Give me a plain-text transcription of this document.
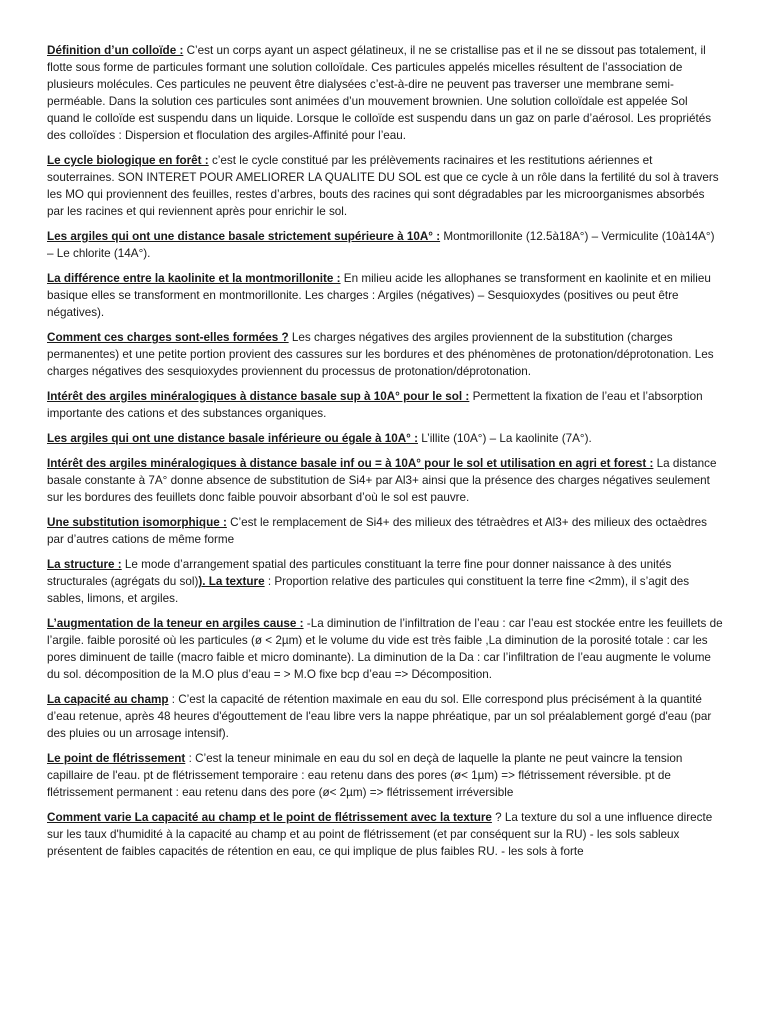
Définition d’un colloïde : C’est un corps ayant un aspect gélatineux, il ne se cristallise pas et il ne se dissout pas totalement, il flotte sous forme de particules formant une solution colloïdale. Ces particules appelés micelles résultent de l’association de plusieurs molécules. Ces particules ne peuvent être dialysées c’est-à-dire ne peuvent pas traverser une membrane semi-perméable. Dans la solution ces particules sont animées d’un mouvement brownien. Une solution colloïdale est appelée Sol quand le colloïde est suspendu dans un liquide. Lorsque le colloïde est suspendu dans un gaz on parle d’aérosol. Les propriétés des colloïdes : Dispersion et floculation des argiles-Affinité pour l’eau.

Le cycle biologique en forêt : c’est le cycle constitué par les prélèvements racinaires et les restitutions aériennes et souterraines. SON INTERET POUR AMELIORER LA QUALITE DU SOL est que ce cycle à un rôle dans la fertilité du sol à travers les MO qui proviennent des feuilles, restes d’arbres, bouts des racines qui sont dégradables par les microorganismes absorbés par les racines et qui reviennent après pour enrichir le sol.

Les argiles qui ont une distance basale strictement supérieure à 10A° : Montmorillonite (12.5à18A°) – Vermiculite (10à14A°) – Le chlorite (14A°).

La différence entre la kaolinite et la montmorillonite : En milieu acide les allophanes se transforment en kaolinite et en milieu basique elles se transforment en montmorillonite. Les charges : Argiles (négatives) – Sesquioxydes (positives ou peut être négatives).

Comment ces charges sont-elles formées ? Les charges négatives des argiles proviennent de la substitution (charges permanentes) et une petite portion provient des cassures sur les bordures et des phénomènes de protonation/déprotonation. Les charges négatives des sesquioxydes proviennent du processus de protonation/déprotonation.

Intérêt des argiles minéralogiques à distance basale sup à 10A° pour le sol : Permettent la fixation de l’eau et l’absorption importante des cations et des substances organiques.

Les argiles qui ont une distance basale inférieure ou égale à 10A° : L’illite (10A°) – La kaolinite (7A°).

Intérêt des argiles minéralogiques à distance basale inf ou = à 10A° pour le sol et utilisation en agri et forest : La distance basale constante à 7A° donne absence de substitution de Si4+ par Al3+ ainsi que la présence des charges négatives seulement sur les bordures des feuillets donc faible pouvoir absorbant d’où le sol est pauvre.

Une substitution isomorphique : C’est le remplacement de Si4+ des milieux des tétraèdres et Al3+ des milieux des octaèdres par d’autres cations de même forme

La structure : Le mode d’arrangement spatial des particules constituant la terre fine pour donner naissance à des unités structurales (agrégats du sol)). La texture : Proportion relative des particules qui constituent la terre fine <2mm), il s’agit des sables, limons, et argiles.

L’augmentation de la teneur en argiles cause : -La diminution de l’infiltration de l’eau : car l’eau est stockée entre les feuillets de l’argile. faible porosité où les particules (ø < 2µm) et le volume du vide est très faible ,La diminution de la porosité totale : car les pores diminuent de taille (macro faible et micro dominante). La diminution de la Da : car l’infiltration de l’eau augmente le volume du sol. décomposition de la M.O plus d’eau = > M.O fixe bcp d’eau => Décomposition.

La capacité au champ : C’est la capacité de rétention maximale en eau du sol. Elle correspond plus précisément à la quantité d’eau retenue, après 48 heures d'égouttement de l'eau libre vers la nappe phréatique, par un sol préalablement gorgé d'eau (par des pluies ou un arrosage intensif).

Le point de flétrissement : C’est la teneur minimale en eau du sol en deçà de laquelle la plante ne peut vaincre la tension capillaire de l'eau. pt de flétrissement temporaire : eau retenu dans des pores (ø< 1µm) => flétrissement réversible. pt de flétrissement permanent : eau retenu dans des pore (ø< 2µm) => flétrissement irréversible

Comment varie La capacité au champ et le point de flétrissement avec la texture ? La texture du sol a une influence directe sur les taux d'humidité à la capacité au champ et au point de flétrissement (et par conséquent sur la RU) - les sols sableux présentent de faibles capacités de rétention en eau, ce qui implique de plus faibles RU. - les sols à forte
